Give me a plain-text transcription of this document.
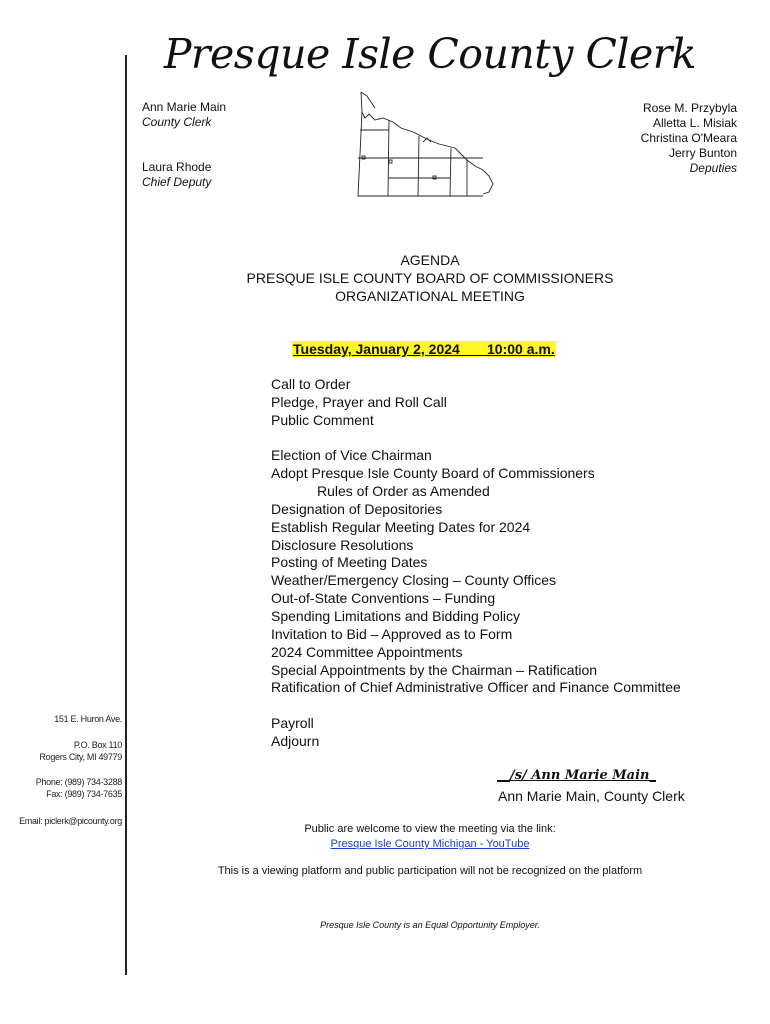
Presque Isle County Clerk
Ann Marie Main
County Clerk
Laura Rhode
Chief Deputy
Rose M. Przybyla
Alletta L. Misiak
Christina O'Meara
Jerry Bunton
Deputies
AGENDA
PRESQUE ISLE COUNTY BOARD OF COMMISSIONERS
ORGANIZATIONAL MEETING
Tuesday, January 2, 2024       10:00 a.m.
Call to Order
Pledge, Prayer and Roll Call
Public Comment
Election of Vice Chairman
Adopt Presque Isle County Board of Commissioners
Rules of Order as Amended
Designation of Depositories
Establish Regular Meeting Dates for 2024
Disclosure Resolutions
Posting of Meeting Dates
Weather/Emergency Closing – County Offices
Out-of-State Conventions – Funding
Spending Limitations and Bidding Policy
Invitation to Bid – Approved as to Form
2024 Committee Appointments
Special Appointments by the Chairman – Ratification
Ratification of Chief Administrative Officer and Finance Committee
Payroll
Adjourn
151 E. Huron Ave.
P.O. Box 110
Rogers City, MI 49779
Phone: (989) 734-3288
Fax: (989) 734-7635
Email: piclerk@picounty.org
__/s/ Ann Marie Main_
Ann Marie Main, County Clerk
Public are welcome to view the meeting via the link:
Presque Isle County Michigan - YouTube
This is a viewing platform and public participation will not be recognized on the platform
Presque Isle County is an Equal Opportunity Employer.
